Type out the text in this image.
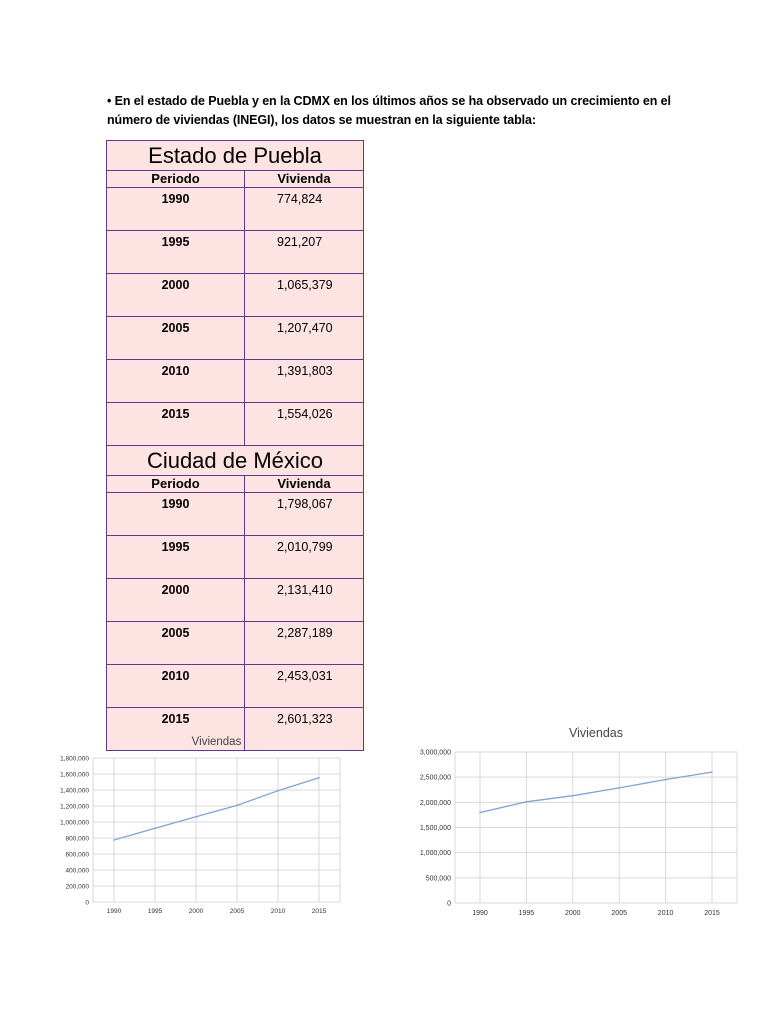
• En el estado de Puebla y en la CDMX en los últimos años se ha observado un crecimiento en el
número de viviendas (INEGI), los datos se muestran en la siguiente tabla:
Estado de Puebla	
Periodo	Vivienda
1990	774,824
1995	921,207
2000	1,065,379
2005	1,207,470
2010	1,391,803
2015	1,554,026
Ciudad de México	
Periodo	Vivienda
1990	1,798,067
1995	2,010,799
2000	2,131,410
2005	2,287,189
2010	2,453,031
2015	2,601,323
Viviendas
0
200,000
400,000
600,000
800,000
1,000,000
1,200,000
1,400,000
1,600,000
1,800,000
1990	1995	2000	2005	2010	2015
Viviendas
0
500,000
1,000,000
1,500,000
2,000,000
2,500,000
3,000,000
1990	1995	2000	2005	2010	2015
